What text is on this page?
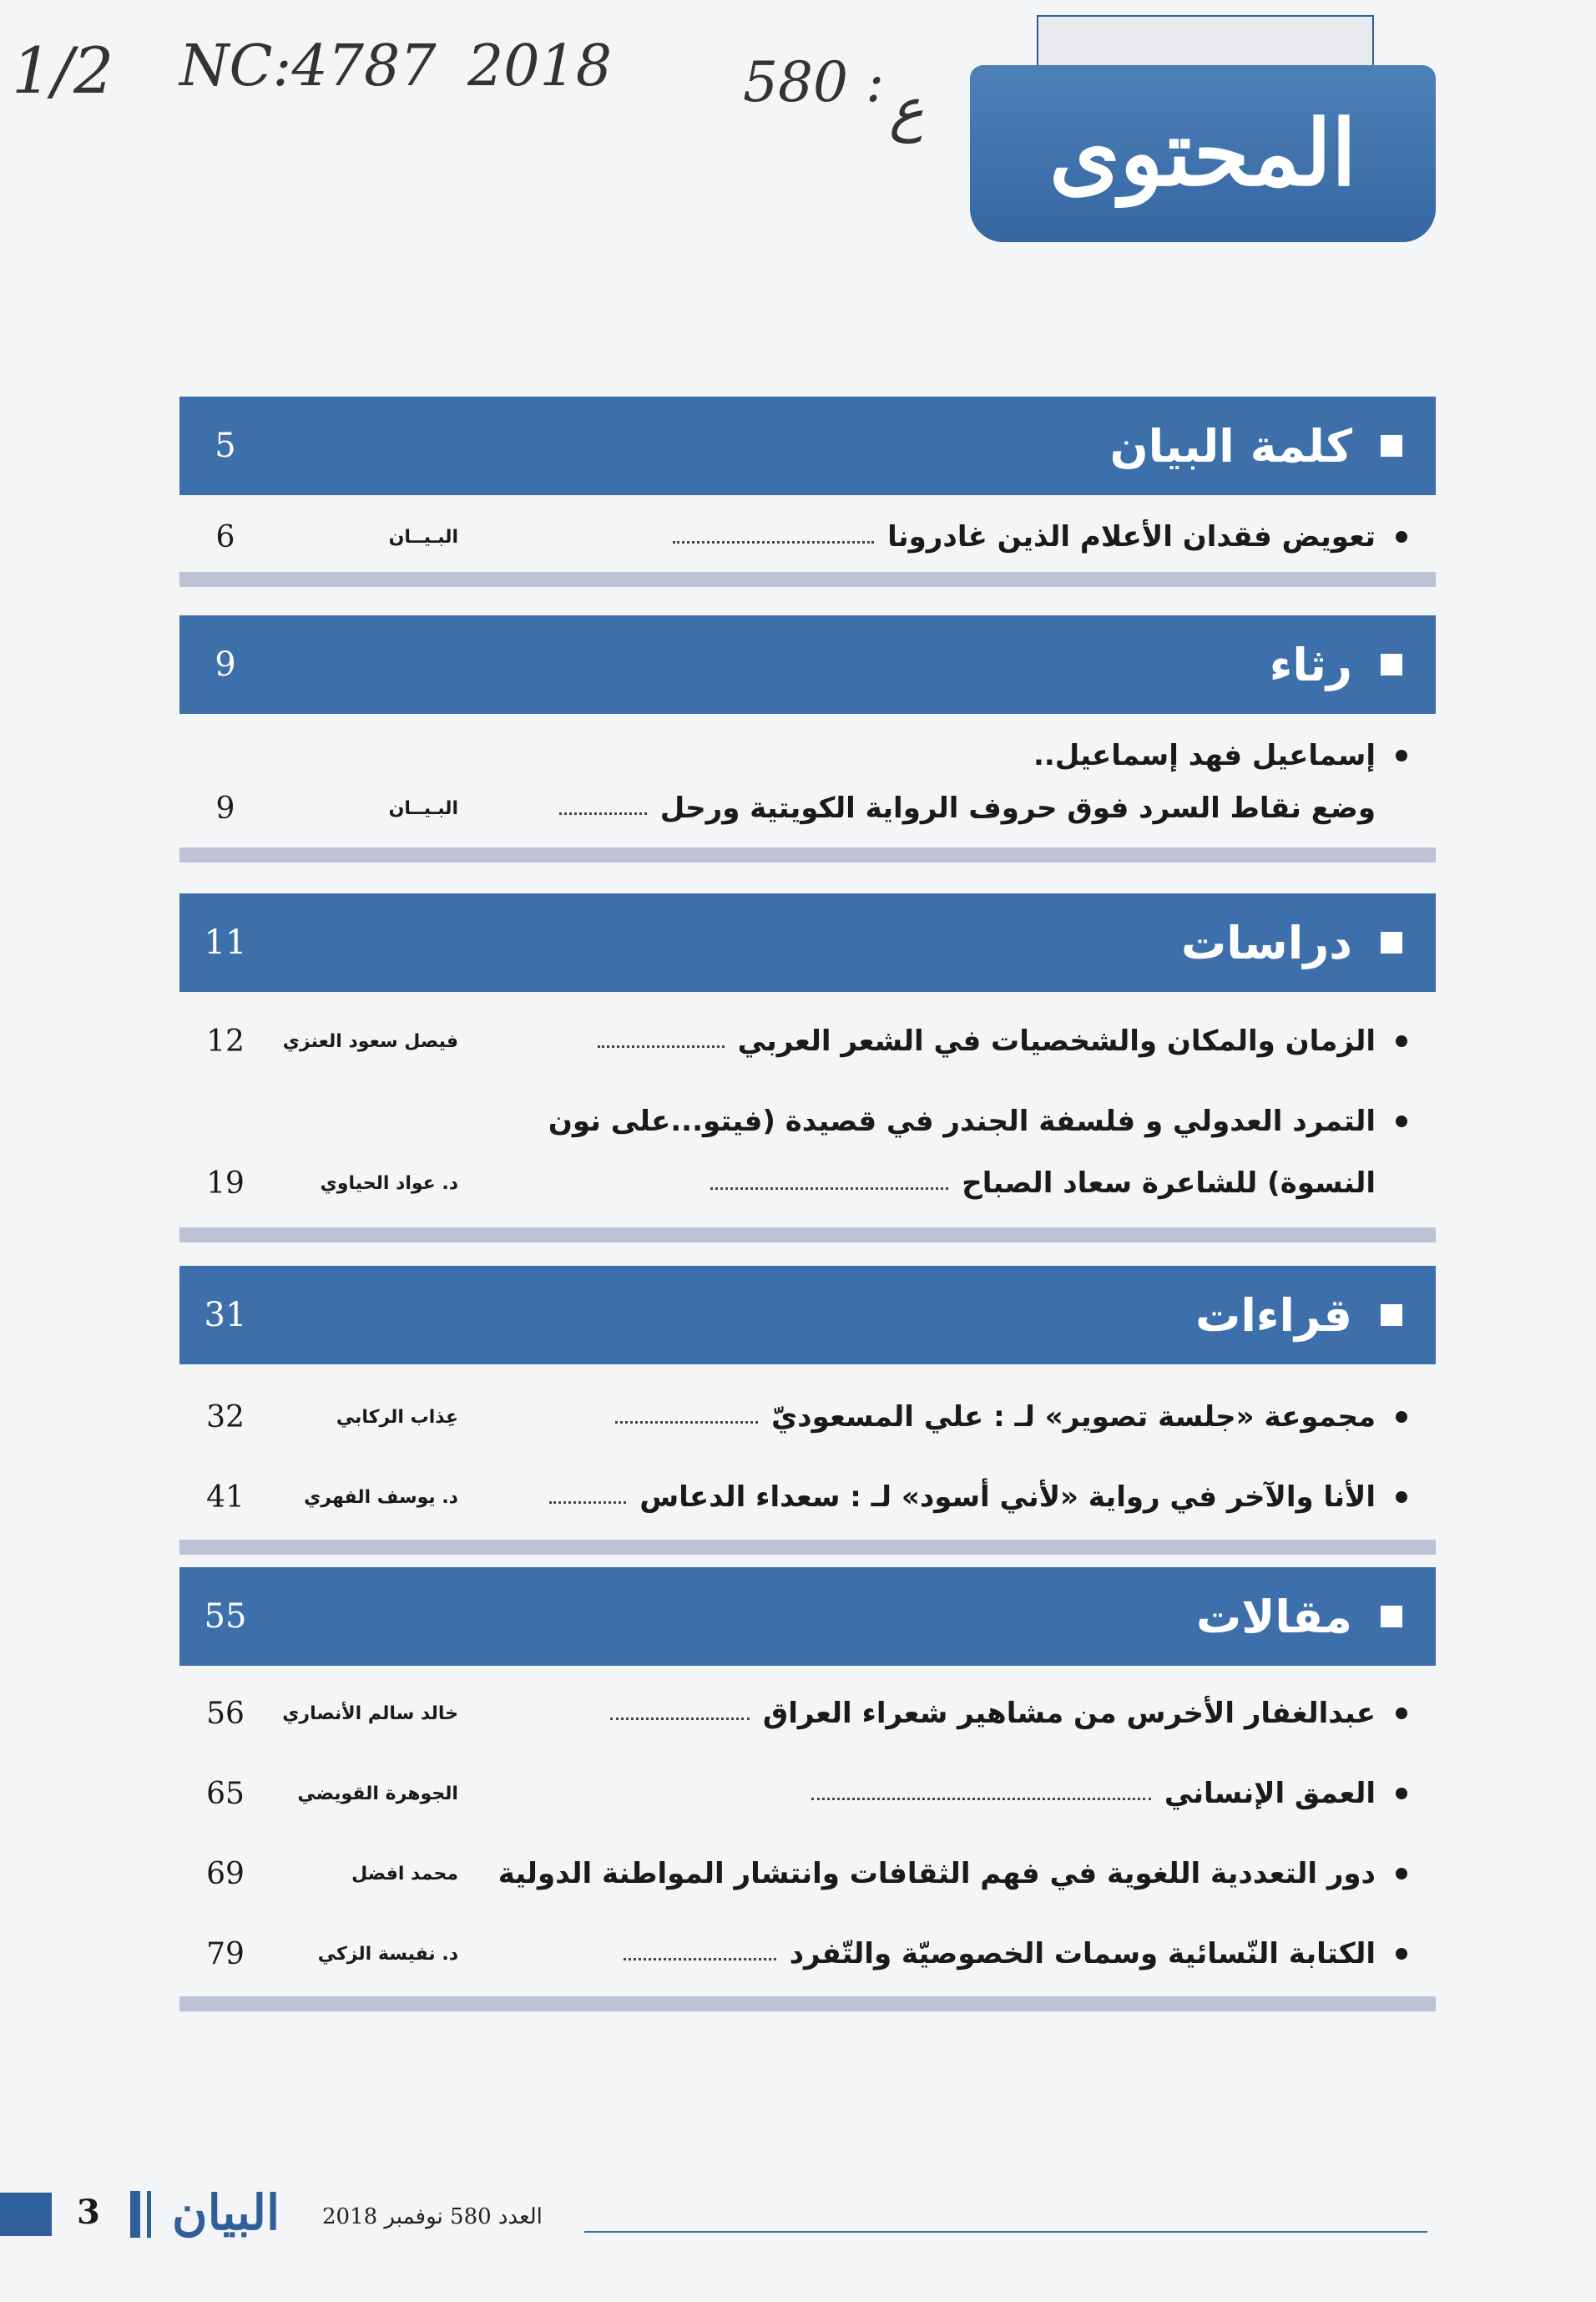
1/2 NC:4787 2018 580 : ع المحتوى
كلمة البيان
5
تعويض فقدان الأعلام الذين غادرونا
البـيــان
6
رثاء
9
إسماعيل فهد إسماعيل..
وضع نقاط السرد فوق حروف الرواية الكويتية ورحل
البـيــان
9
دراسات
11
الزمان والمكان والشخصيات في الشعر العربي
فيصل سعود العنزي
12
التمرد العدولي و فلسفة الجندر في قصيدة (فيتو...على نون
النسوة) للشاعرة سعاد الصباح
د. عواد الحياوي
19
قراءات
31
مجموعة «جلسة تصوير» لـ : علي المسعوديّ
عِذاب الركابي
32
الأنا والآخر في رواية «لأني أسود» لـ : سعداء الدعاس
د. يوسف الفهري
41
مقالات
55
عبدالغفار الأخرس من مشاهير شعراء العراق
خالد سالم الأنصاري
56
العمق الإنساني
الجوهرة القويضي
65
دور التعددية اللغوية في فهم الثقافات وانتشار المواطنة الدولية
محمد افضل
69
الكتابة النّسائية وسمات الخصوصيّة والتّفرد
د. نفيسة الزكي
79
3 البيان العدد 580 نوفمبر 2018
